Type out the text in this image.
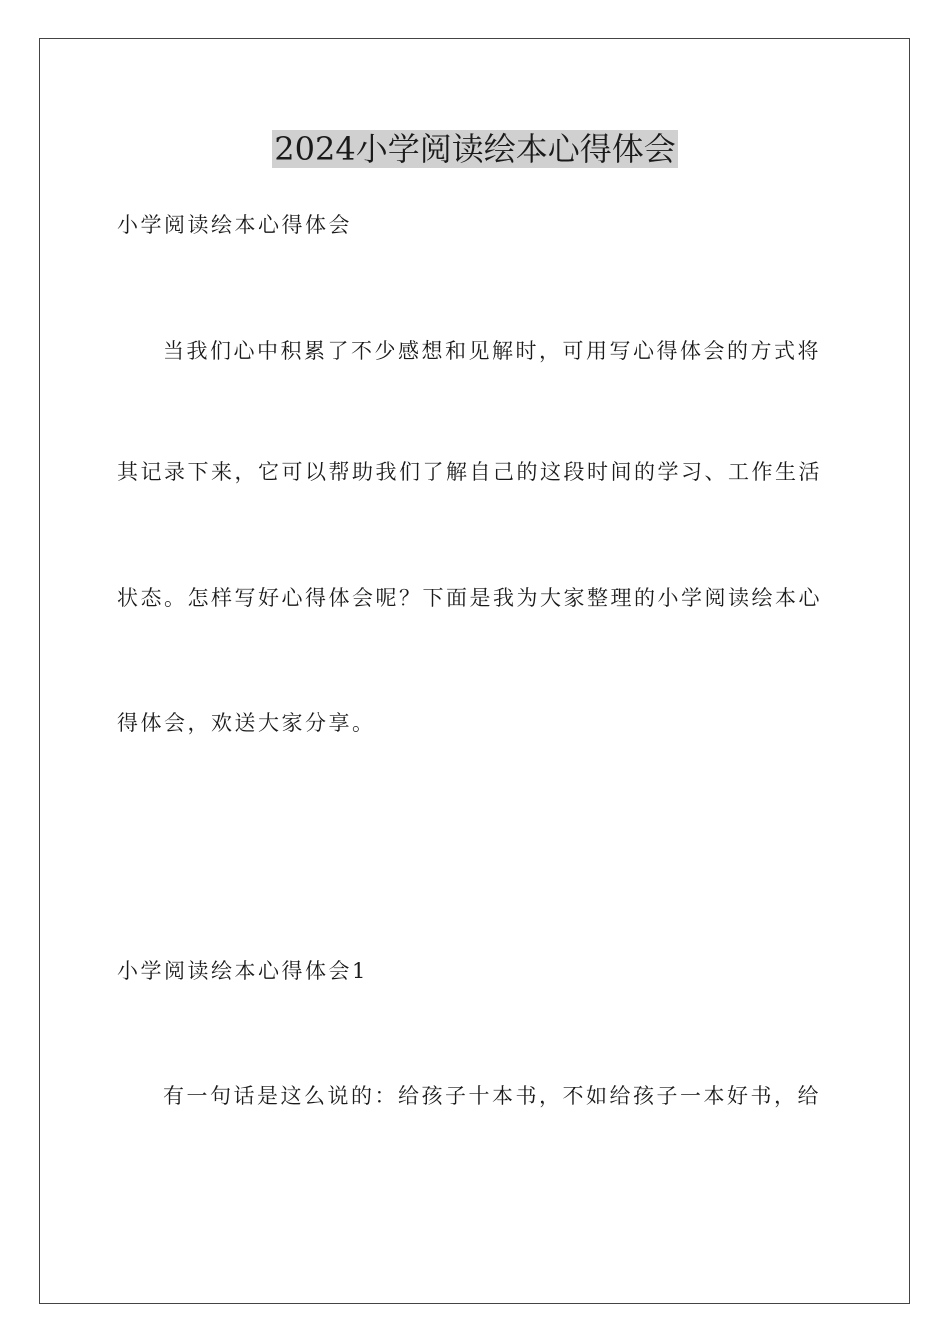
2024小学阅读绘本心得体会
小学阅读绘本心得体会
当我们心中积累了不少感想和见解时，可用写心得体会的方式将
其记录下来，它可以帮助我们了解自己的这段时间的学习、工作生活
状态。怎样写好心得体会呢？下面是我为大家整理的小学阅读绘本心
得体会，欢送大家分享。
小学阅读绘本心得体会1
有一句话是这么说的：给孩子十本书，不如给孩子一本好书，给
